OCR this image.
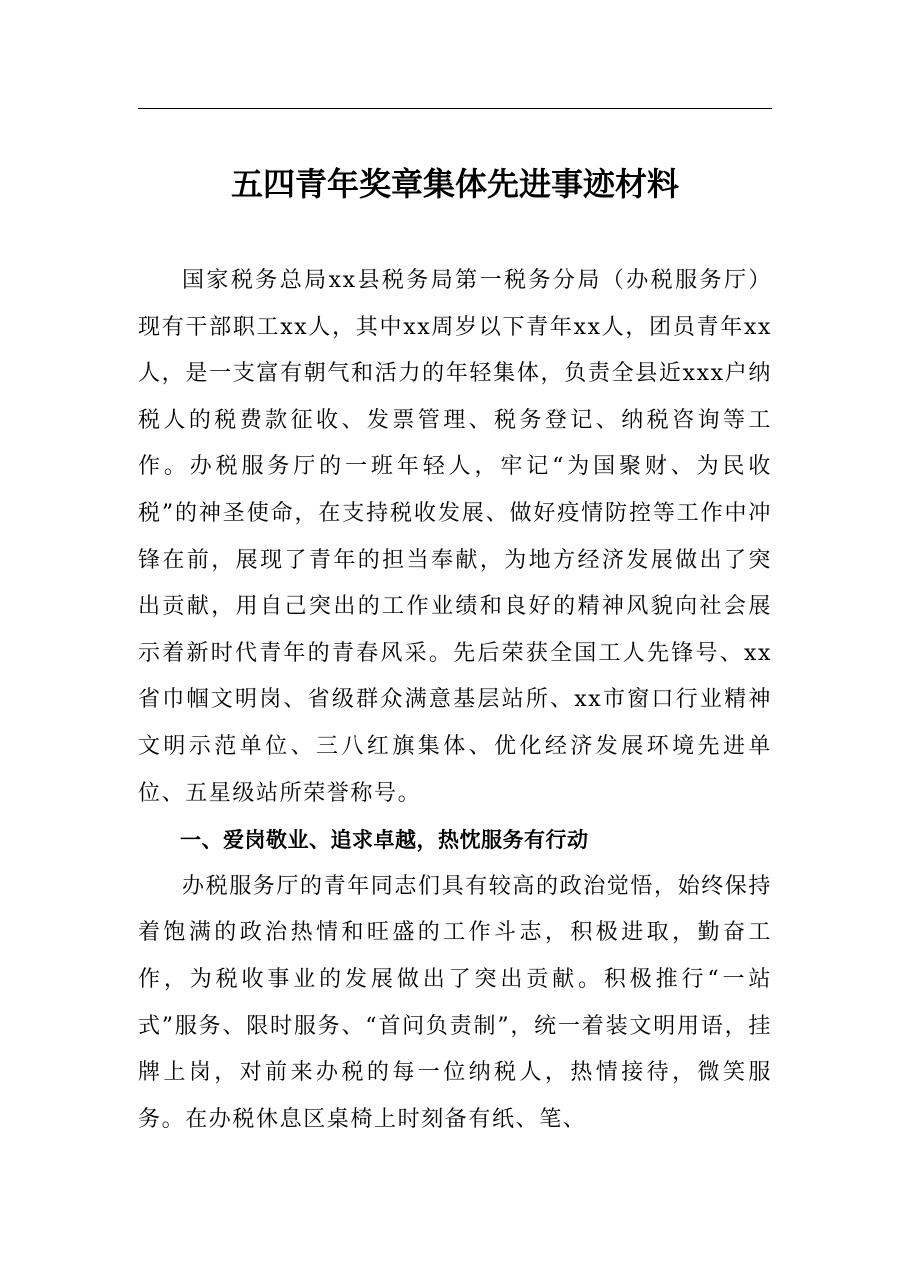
五四青年奖章集体先进事迹材料

国家税务总局xx县税务局第一税务分局（办税服务厅）现有干部职工xx人，其中xx周岁以下青年xx人，团员青年xx人，是一支富有朝气和活力的年轻集体，负责全县近xxx户纳税人的税费款征收、发票管理、税务登记、纳税咨询等工作。办税服务厅的一班年轻人，牢记“为国聚财、为民收税”的神圣使命，在支持税收发展、做好疫情防控等工作中冲锋在前，展现了青年的担当奉献，为地方经济发展做出了突出贡献，用自己突出的工作业绩和良好的精神风貌向社会展示着新时代青年的青春风采。先后荣获全国工人先锋号、xx省巾帼文明岗、省级群众满意基层站所、xx市窗口行业精神文明示范单位、三八红旗集体、优化经济发展环境先进单位、五星级站所荣誉称号。

一、爱岗敬业、追求卓越，热忱服务有行动

办税服务厅的青年同志们具有较高的政治觉悟，始终保持着饱满的政治热情和旺盛的工作斗志，积极进取，勤奋工作，为税收事业的发展做出了突出贡献。积极推行“一站式”服务、限时服务、“首问负责制”，统一着装文明用语，挂牌上岗，对前来办税的每一位纳税人，热情接待，微笑服务。在办税休息区桌椅上时刻备有纸、笔、
